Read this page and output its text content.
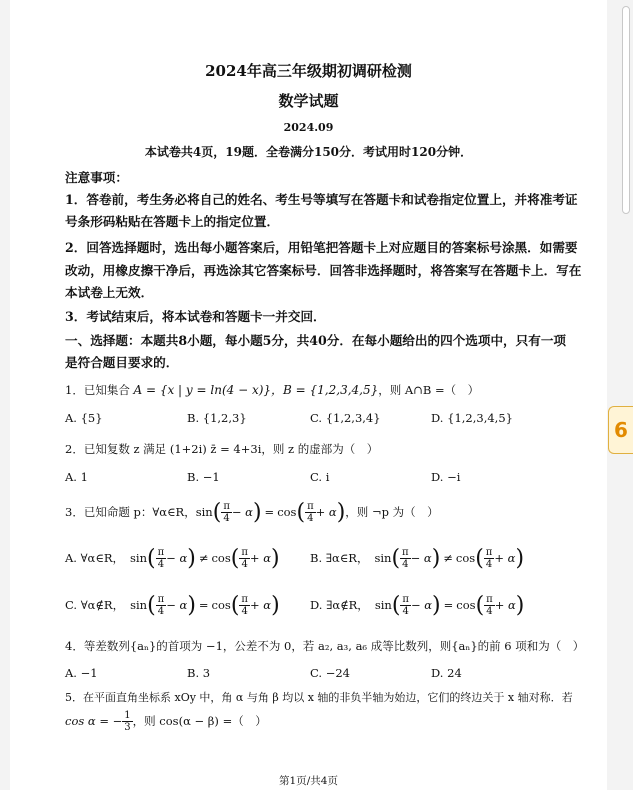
6
2024年高三年级期初调研检测
数学试题
2024.09
本试卷共4页，19题．全卷满分150分．考试用时120分钟．
注意事项：
1．答卷前，考生务必将自己的姓名、考生号等填写在答题卡和试卷指定位置上，并将准考证
号条形码粘贴在答题卡上的指定位置．
2．回答选择题时，选出每小题答案后，用铅笔把答题卡上对应题目的答案标号涂黑．如需要
改动，用橡皮擦干净后，再选涂其它答案标号．回答非选择题时，将答案写在答题卡上．写在
本试卷上无效．
3．考试结束后，将本试卷和答题卡一并交回．
一、选择题：本题共8小题，每小题5分，共40分．在每小题给出的四个选项中，只有一项
是符合题目要求的．
1．已知集合 A = {x | y = ln(4 − x)}，B = {1,2,3,4,5}，则 A∩B =（　）
A. {5}	B. {1,2,3}	C. {1,2,3,4}	D. {1,2,3,4,5}
2．已知复数 z 满足 (1+2i) z̄ = 4+3i，则 z 的虚部为（　）
A. 1	B. −1	C. i	D. −i
3．已知命题 p：∀α∈R， sin ( $\frac{\pi}{4} - \alpha$ ) = cos ( $\frac{\pi}{4} + \alpha$ ) ，则 ¬p 为（　）
A. ∀α∈R， sin ( $\frac{\pi}{4} - \alpha$ ) ≠ cos ( $\frac{\pi}{4} + \alpha$ )	B. ∃α∈R， sin ( $\frac{\pi}{4} - \alpha$ ) ≠ cos ( $\frac{\pi}{4} + \alpha$ )
C. ∀α∉R， sin ( $\frac{\pi}{4} - \alpha$ ) = cos ( $\frac{\pi}{4} + \alpha$ )	D. ∃α∉R， sin ( $\frac{\pi}{4} - \alpha$ ) = cos ( $\frac{\pi}{4} + \alpha$ )
4．等差数列{aₙ}的首项为 −1，公差不为 0，若 a₂, a₃, a₆ 成等比数列，则{aₙ}的前 6 项和为（　）
A. −1	B. 3	C. −24	D. 24
5．在平面直角坐标系 xOy 中，角 α 与角 β 均以 x 轴的非负半轴为始边，它们的终边关于 x 轴对称．若
cos α = − $\frac{1}{3}$ ，则 cos(α − β) =（　）
第1页/共4页
